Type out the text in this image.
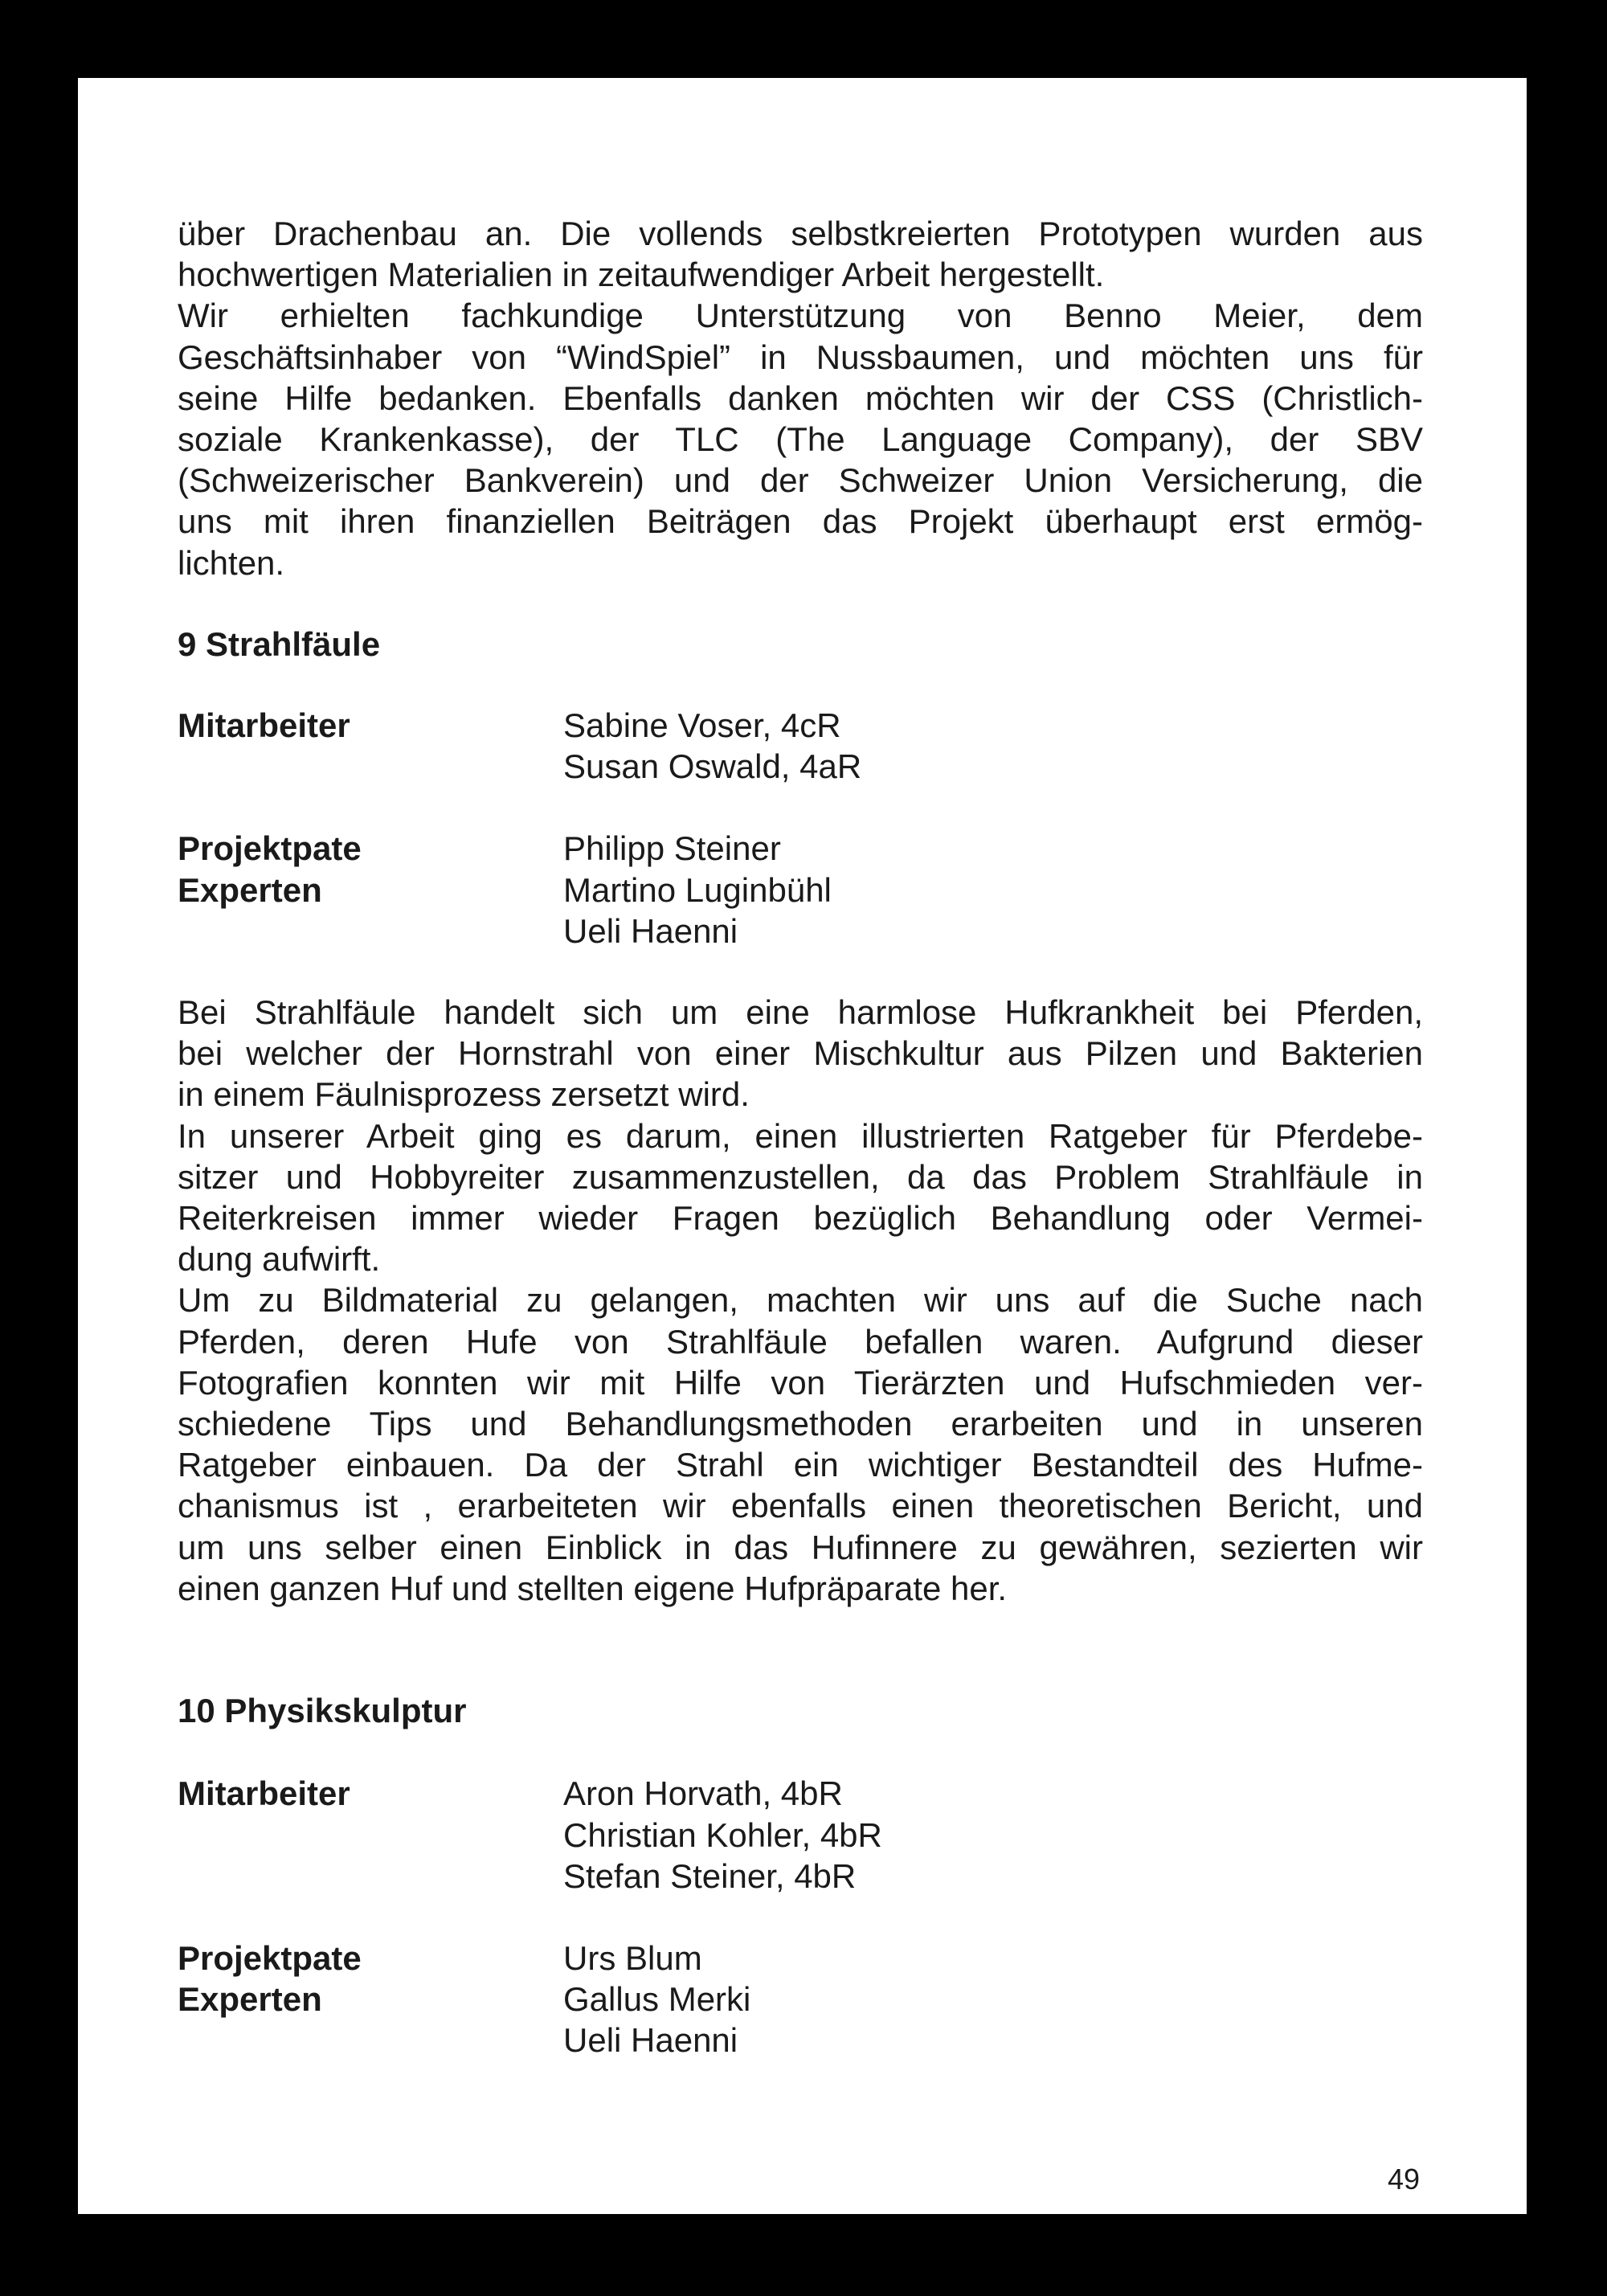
über Drachenbau an. Die vollends selbstkreierten Prototypen wurden aus
hochwertigen Materialien in zeitaufwendiger Arbeit hergestellt.
Wir erhielten fachkundige Unterstützung von Benno Meier, dem
Geschäftsinhaber von “WindSpiel” in Nussbaumen, und möchten uns für
seine Hilfe bedanken. Ebenfalls danken möchten wir der CSS (Christlich-
soziale Krankenkasse), der TLC (The Language Company), der SBV
(Schweizerischer Bankverein) und der Schweizer Union Versicherung, die
uns mit ihren finanziellen Beiträgen das Projekt überhaupt erst ermög-
lichten.

9 Strahlfäule

Mitarbeiter	Sabine Voser, 4cR
Susan Oswald, 4aR
Projektpate
Experten
Philipp Steiner
Martino Luginbühl
Ueli Haenni
Bei Strahlfäule handelt sich um eine harmlose Hufkrankheit bei Pferden,
bei welcher der Hornstrahl von einer Mischkultur aus Pilzen und Bakterien
in einem Fäulnisprozess zersetzt wird.
In unserer Arbeit ging es darum, einen illustrierten Ratgeber für Pferdebe-
sitzer und Hobbyreiter zusammenzustellen, da das Problem Strahlfäule in
Reiterkreisen immer wieder Fragen bezüglich Behandlung oder Vermei-
dung aufwirft.
Um zu Bildmaterial zu gelangen, machten wir uns auf die Suche nach
Pferden, deren Hufe von Strahlfäule befallen waren. Aufgrund dieser
Fotografien konnten wir mit Hilfe von Tierärzten und Hufschmieden ver-
schiedene Tips und Behandlungsmethoden erarbeiten und in unseren
Ratgeber einbauen. Da der Strahl ein wichtiger Bestandteil des Hufme-
chanismus ist , erarbeiteten wir ebenfalls einen theoretischen Bericht, und
um uns selber einen Einblick in das Hufinnere zu gewähren, sezierten wir
einen ganzen Huf und stellten eigene Hufpräparate her.

10 Physikskulptur

Mitarbeiter	Aron Horvath, 4bR
Christian Kohler, 4bR
Stefan Steiner, 4bR
Projektpate
Experten
Urs Blum
Gallus Merki
Ueli Haenni
49
